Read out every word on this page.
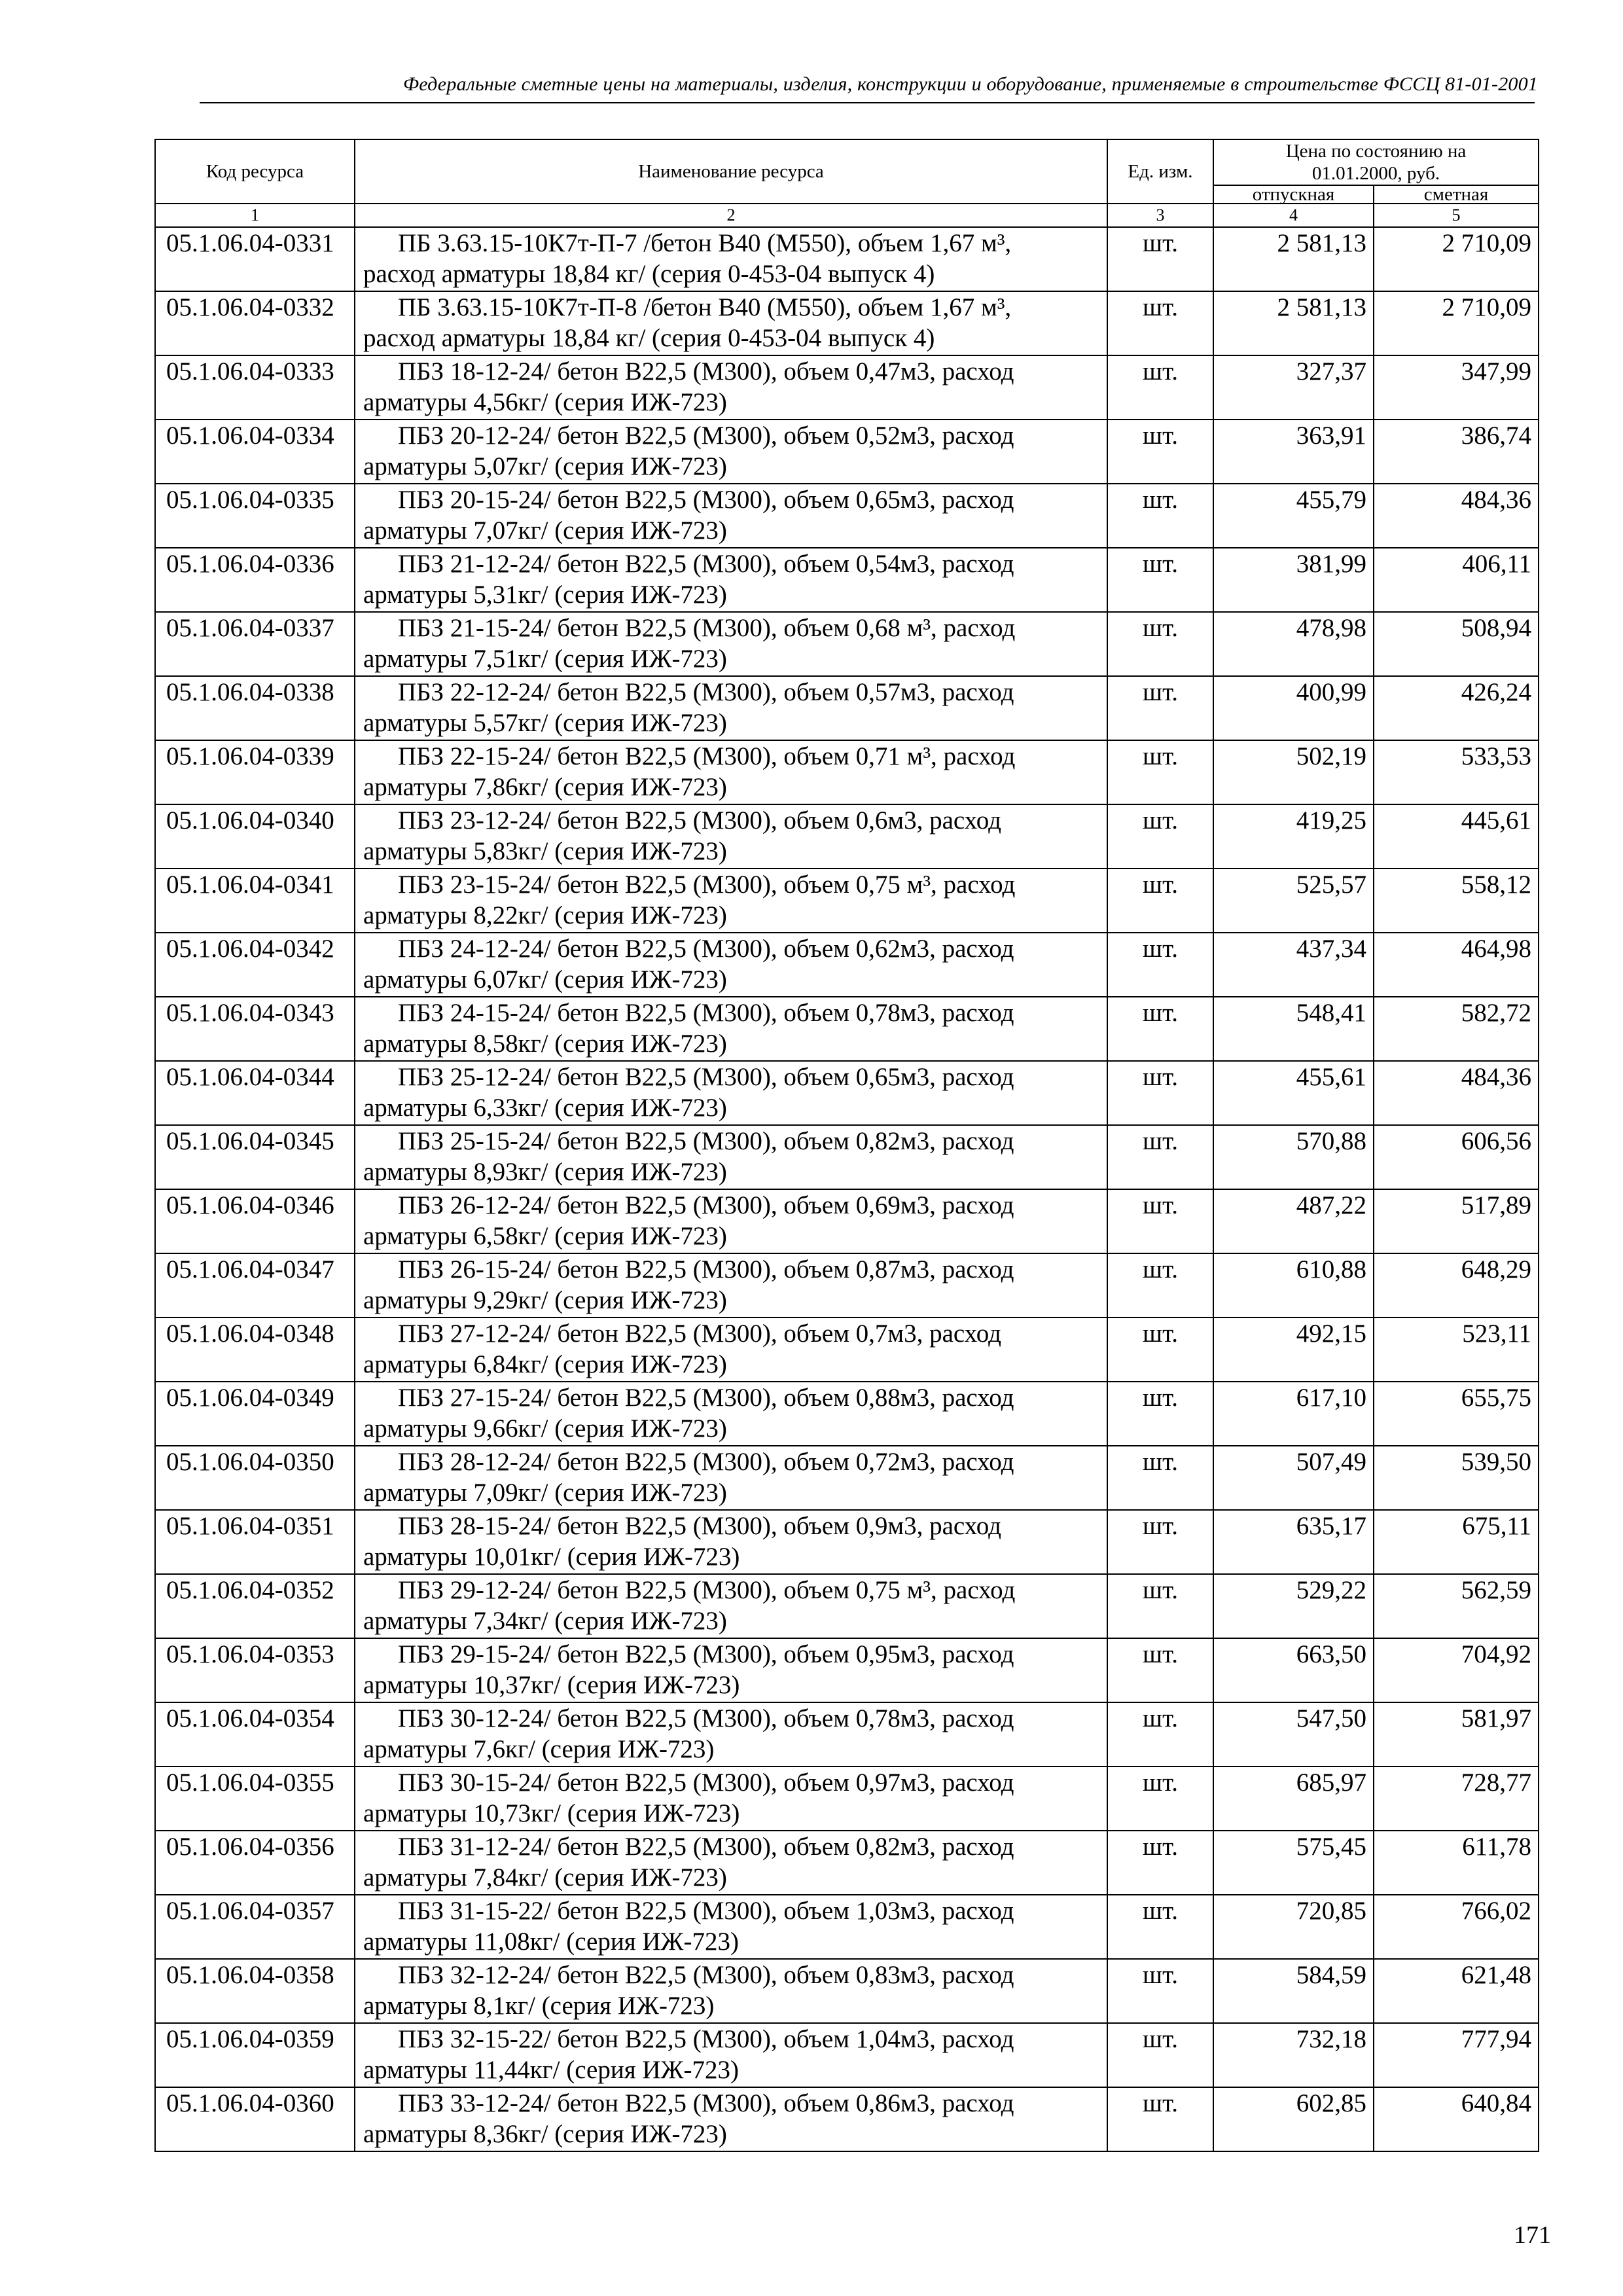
Федеральные сметные цены на материалы, изделия, конструкции и оборудование, применяемые в строительстве ФССЦ 81-01-2001
Код ресурса	Наименование ресурса	Ед. изм.	Цена по состоянию на 01.01.2000, руб.	
			отпускная	сметная
1	2	3	4	5
05.1.06.04-0331	ПБ 3.63.15-10К7т-П-7 /бетон В40 (М550), объем 1,67 м³,
расход арматуры 18,84 кг/ (серия 0-453-04 выпуск 4)	шт.	2 581,13	2 710,09
05.1.06.04-0332	ПБ 3.63.15-10К7т-П-8 /бетон В40 (М550), объем 1,67 м³,
расход арматуры 18,84 кг/ (серия 0-453-04 выпуск 4)	шт.	2 581,13	2 710,09
05.1.06.04-0333	ПБЗ 18-12-24/ бетон В22,5 (М300), объем 0,47м3, расход
арматуры 4,56кг/ (серия ИЖ-723)	шт.	327,37	347,99
05.1.06.04-0334	ПБЗ 20-12-24/ бетон В22,5 (М300), объем 0,52м3, расход
арматуры 5,07кг/ (серия ИЖ-723)	шт.	363,91	386,74
05.1.06.04-0335	ПБЗ 20-15-24/ бетон В22,5 (М300), объем 0,65м3, расход
арматуры 7,07кг/ (серия ИЖ-723)	шт.	455,79	484,36
05.1.06.04-0336	ПБЗ 21-12-24/ бетон В22,5 (М300), объем 0,54м3, расход
арматуры 5,31кг/ (серия ИЖ-723)	шт.	381,99	406,11
05.1.06.04-0337	ПБЗ 21-15-24/ бетон В22,5 (М300), объем 0,68 м³, расход
арматуры 7,51кг/ (серия ИЖ-723)	шт.	478,98	508,94
05.1.06.04-0338	ПБЗ 22-12-24/ бетон В22,5 (М300), объем 0,57м3, расход
арматуры 5,57кг/ (серия ИЖ-723)	шт.	400,99	426,24
05.1.06.04-0339	ПБЗ 22-15-24/ бетон В22,5 (М300), объем 0,71 м³, расход
арматуры 7,86кг/ (серия ИЖ-723)	шт.	502,19	533,53
05.1.06.04-0340	ПБЗ 23-12-24/ бетон В22,5 (М300), объем 0,6м3, расход
арматуры 5,83кг/ (серия ИЖ-723)	шт.	419,25	445,61
05.1.06.04-0341	ПБЗ 23-15-24/ бетон В22,5 (М300), объем 0,75 м³, расход
арматуры 8,22кг/ (серия ИЖ-723)	шт.	525,57	558,12
05.1.06.04-0342	ПБЗ 24-12-24/ бетон В22,5 (М300), объем 0,62м3, расход
арматуры 6,07кг/ (серия ИЖ-723)	шт.	437,34	464,98
05.1.06.04-0343	ПБЗ 24-15-24/ бетон В22,5 (М300), объем 0,78м3, расход
арматуры 8,58кг/ (серия ИЖ-723)	шт.	548,41	582,72
05.1.06.04-0344	ПБЗ 25-12-24/ бетон В22,5 (М300), объем 0,65м3, расход
арматуры 6,33кг/ (серия ИЖ-723)	шт.	455,61	484,36
05.1.06.04-0345	ПБЗ 25-15-24/ бетон В22,5 (М300), объем 0,82м3, расход
арматуры 8,93кг/ (серия ИЖ-723)	шт.	570,88	606,56
05.1.06.04-0346	ПБЗ 26-12-24/ бетон В22,5 (М300), объем 0,69м3, расход
арматуры 6,58кг/ (серия ИЖ-723)	шт.	487,22	517,89
05.1.06.04-0347	ПБЗ 26-15-24/ бетон В22,5 (М300), объем 0,87м3, расход
арматуры 9,29кг/ (серия ИЖ-723)	шт.	610,88	648,29
05.1.06.04-0348	ПБЗ 27-12-24/ бетон В22,5 (М300), объем 0,7м3, расход
арматуры 6,84кг/ (серия ИЖ-723)	шт.	492,15	523,11
05.1.06.04-0349	ПБЗ 27-15-24/ бетон В22,5 (М300), объем 0,88м3, расход
арматуры 9,66кг/ (серия ИЖ-723)	шт.	617,10	655,75
05.1.06.04-0350	ПБЗ 28-12-24/ бетон В22,5 (М300), объем 0,72м3, расход
арматуры 7,09кг/ (серия ИЖ-723)	шт.	507,49	539,50
05.1.06.04-0351	ПБЗ 28-15-24/ бетон В22,5 (М300), объем 0,9м3, расход
арматуры 10,01кг/ (серия ИЖ-723)	шт.	635,17	675,11
05.1.06.04-0352	ПБЗ 29-12-24/ бетон В22,5 (М300), объем 0,75 м³, расход
арматуры 7,34кг/ (серия ИЖ-723)	шт.	529,22	562,59
05.1.06.04-0353	ПБЗ 29-15-24/ бетон В22,5 (М300), объем 0,95м3, расход
арматуры 10,37кг/ (серия ИЖ-723)	шт.	663,50	704,92
05.1.06.04-0354	ПБЗ 30-12-24/ бетон В22,5 (М300), объем 0,78м3, расход
арматуры 7,6кг/ (серия ИЖ-723)	шт.	547,50	581,97
05.1.06.04-0355	ПБЗ 30-15-24/ бетон В22,5 (М300), объем 0,97м3, расход
арматуры 10,73кг/ (серия ИЖ-723)	шт.	685,97	728,77
05.1.06.04-0356	ПБЗ 31-12-24/ бетон В22,5 (М300), объем 0,82м3, расход
арматуры 7,84кг/ (серия ИЖ-723)	шт.	575,45	611,78
05.1.06.04-0357	ПБЗ 31-15-22/ бетон В22,5 (М300), объем 1,03м3, расход
арматуры 11,08кг/ (серия ИЖ-723)	шт.	720,85	766,02
05.1.06.04-0358	ПБЗ 32-12-24/ бетон В22,5 (М300), объем 0,83м3, расход
арматуры 8,1кг/ (серия ИЖ-723)	шт.	584,59	621,48
05.1.06.04-0359	ПБЗ 32-15-22/ бетон В22,5 (М300), объем 1,04м3, расход
арматуры 11,44кг/ (серия ИЖ-723)	шт.	732,18	777,94
05.1.06.04-0360	ПБЗ 33-12-24/ бетон В22,5 (М300), объем 0,86м3, расход
арматуры 8,36кг/ (серия ИЖ-723)	шт.	602,85	640,84
171
